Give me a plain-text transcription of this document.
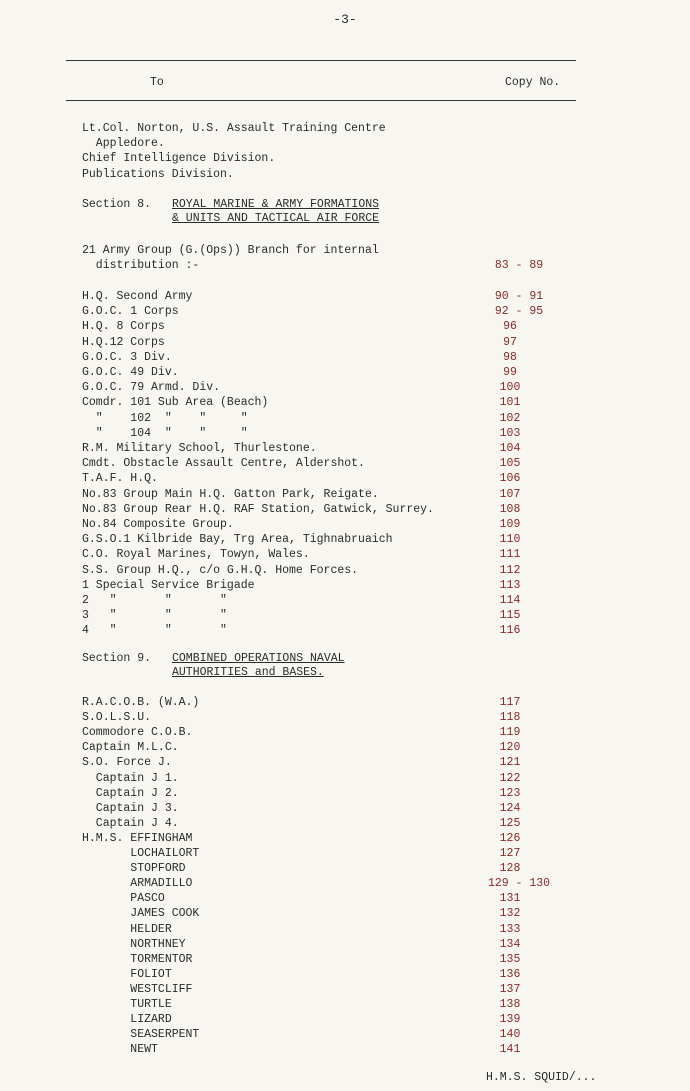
-3-
To	Copy No.
Lt.Col. Norton, U.S. Assault Training Centre
Appledore.
Chief Intelligence Division.
Publications Division.
Section 8. ROYAL MARINE & ARMY FORMATIONS
& UNITS AND TACTICAL AIR FORCE
21 Army Group (G.(Ops)) Branch for internal
distribution :-	83 - 89
H.Q. Second Army	90 - 91
G.O.C. 1 Corps	92 - 95
H.Q. 8 Corps	96
H.Q.12 Corps	97
G.O.C. 3 Div.	98
G.O.C. 49 Div.	99
G.O.C. 79 Armd. Div.	100
Comdr. 101 Sub Area (Beach)	101
"    102  "    "     "	102
"    104  "    "     "	103
R.M. Military School, Thurlestone.	104
Cmdt. Obstacle Assault Centre, Aldershot.	105
T.A.F. H.Q.	106
No.83 Group Main H.Q. Gatton Park, Reigate.	107
No.83 Group Rear H.Q. RAF Station, Gatwick, Surrey.	108
No.84 Composite Group.	109
G.S.O.1 Kilbride Bay, Trg Area, Tighnabruaich	110
C.O. Royal Marines, Towyn, Wales.	111
S.S. Group H.Q., c/o G.H.Q. Home Forces.	112
1 Special Service Brigade	113
2   "       "       "	114
3   "       "       "	115
4   "       "       "	116
Section 9. COMBINED OPERATIONS NAVAL
AUTHORITIES and BASES.
R.A.C.O.B. (W.A.)	117
S.O.L.S.U.	118
Commodore C.O.B.	119
Captain M.L.C.	120
S.O. Force J.	121
Captain J 1.	122
Captain J 2.	123
Captain J 3.	124
Captain J 4.	125
H.M.S. EFFINGHAM	126
LOCHAILORT	127
STOPFORD	128
ARMADILLO	129 - 130
PASCO	131
JAMES COOK	132
HELDER	133
NORTHNEY	134
TORMENTOR	135
FOLIOT	136
WESTCLIFF	137
TURTLE	138
LIZARD	139
SEASERPENT	140
NEWT	141
H.M.S. SQUID/...
